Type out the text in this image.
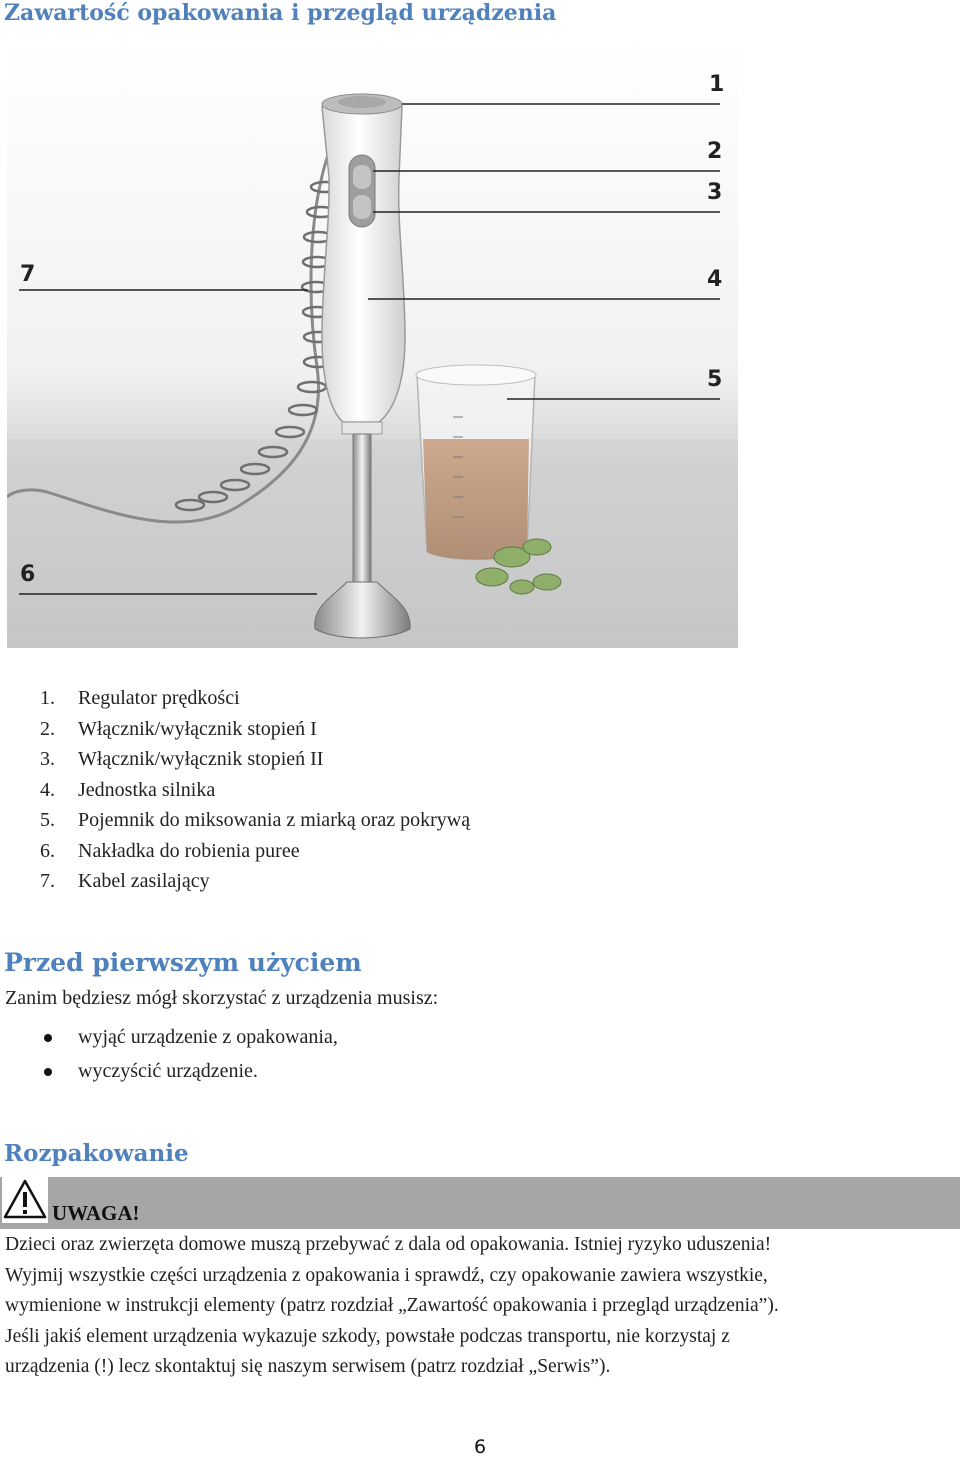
Zawartość opakowania i przegląd urządzenia
1
2
3
4
5
6
7
1. Regulator prędkości
2. Włącznik/wyłącznik stopień I
3. Włącznik/wyłącznik stopień II
4. Jednostka silnika
5. Pojemnik do miksowania z miarką oraz pokrywą
6. Nakładka do robienia puree
7. Kabel zasilający
Przed pierwszym użyciem

Zanim będziesz mógł skorzystać z urządzenia musisz:

wyjąć urządzenie z opakowania,
wyczyścić urządzenie.
Rozpakowanie
UWAGA!
Dzieci oraz zwierzęta domowe muszą przebywać z dala od opakowania. Istniej ryzyko uduszenia!
Wyjmij wszystkie części urządzenia z opakowania i sprawdź, czy opakowanie zawiera wszystkie,
wymienione w instrukcji elementy (patrz rozdział „Zawartość opakowania i przegląd urządzenia”).
Jeśli jakiś element urządzenia wykazuje szkody, powstałe podczas transportu, nie korzystaj z
urządzenia (!) lecz skontaktuj się naszym serwisem (patrz rozdział „Serwis”).
6
